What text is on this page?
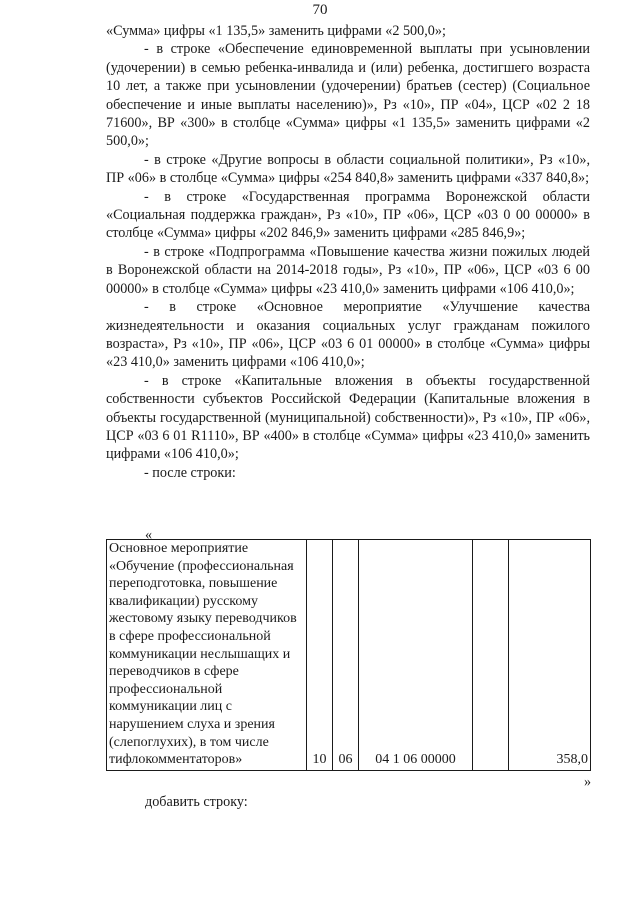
70

«Сумма» цифры «1 135,5» заменить цифрами «2 500,0»;

- в строке «Обеспечение единовременной выплаты при усыновлении (удочерении) в семью ребенка-инвалида и (или) ребенка, достигшего возраста 10 лет, а также при усыновлении (удочерении) братьев (сестер) (Социальное обеспечение и иные выплаты населению)», Рз «10», ПР «04», ЦСР «02 2 18 71600», ВР «300» в столбце «Сумма» цифры «1 135,5» заменить цифрами «2 500,0»;

- в строке «Другие вопросы в области социальной политики», Рз «10», ПР «06» в столбце «Сумма» цифры «254 840,8» заменить цифрами «337 840,8»;

- в строке «Государственная программа Воронежской области «Социальная поддержка граждан», Рз «10», ПР «06», ЦСР «03 0 00 00000» в столбце «Сумма» цифры «202 846,9» заменить цифрами «285 846,9»;

- в строке «Подпрограмма «Повышение качества жизни пожилых людей в Воронежской области на 2014-2018 годы», Рз «10», ПР «06», ЦСР «03 6 00 00000» в столбце «Сумма» цифры «23 410,0» заменить цифрами «106 410,0»;

- в строке «Основное мероприятие «Улучшение качества жизнедеятельности и оказания социальных услуг гражданам пожилого возраста», Рз «10», ПР «06», ЦСР «03 6 01 00000» в столбце «Сумма» цифры «23 410,0» заменить цифрами «106 410,0»;

- в строке «Капитальные вложения в объекты государственной собственности субъектов Российской Федерации (Капитальные вложения в объекты государственной (муниципальной) собственности)», Рз «10», ПР «06», ЦСР «03 6 01 R1110», ВР «400» в столбце «Сумма» цифры «23 410,0» заменить цифрами «106 410,0»;

- после строки:

«
Основное мероприятие «Обучение (профессиональная переподготовка, повышение квалификации) русскому жестовому языку переводчиков в сфере профессиональной коммуникации неслышащих и переводчиков в сфере профессиональной коммуникации лиц с нарушением слуха и зрения (слепоглухих), в том числе тифлокомментаторов»	10	06	04 1 06 00000		358,0
»
добавить строку:
